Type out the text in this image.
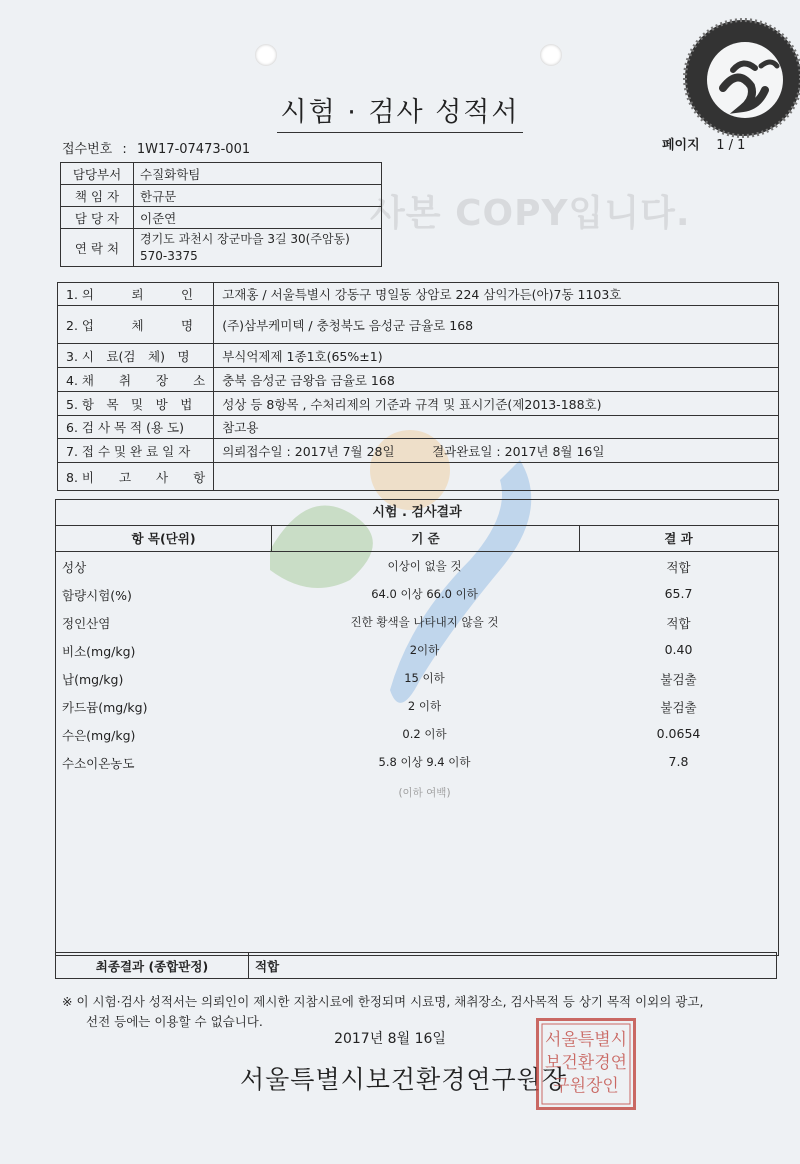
사본 COPY입니다.
시험 · 검사 성적서
접수번호 : 1W17-07473-001	페이지 1 / 1
담당부서	수질화학팀
책 임 자	한규문
담 당 자	이준연
연 락 처	경기도 과천시 장군마을 3길 30(주암동)
570-3375
1. 의　　　뢰　　　인	고재홍 / 서울특별시 강동구 명일동 상암로 224 삼익가든(아)7동 1103호
2. 업　　　체　　　명	(주)삼부케미텍 / 충청북도 음성군 금율로 168
3. 시　료(검　체)　명	부식억제제 1종1호(65%±1)
4. 채　　취　　장　　소	충북 음성군 금왕읍 금율로 168
5. 항　목　및　방　법	성상 등 8항목 , 수처리제의 기준과 규격 및 표시기준(제2013-188호)
6. 검 사 목 적 (용 도)	참고용
7. 접 수 및 완 료 일 자	의뢰접수일 : 2017년 7월 28일　　　결과완료일 : 2017년 8월 16일
8. 비　　고　　사　　항	
시험 . 검사결과
항 목(단위)	기 준	결 과
성상	이상이 없을 것	적합
함량시험(%)	64.0 이상 66.0 이하	65.7
정인산염	진한 황색을 나타내지 않을 것	적합
비소(mg/kg)	2이하	0.40
납(mg/kg)	15 이하	불검출
카드뮴(mg/kg)	2 이하	불검출
수은(mg/kg)	0.2 이하	0.0654
수소이온농도	5.8 이상 9.4 이하	7.8
(이하 여백)
최종결과 (종합판정)	적합
※ 이 시험·검사 성적서는 의뢰인이 제시한 지참시료에 한정되며 시료명, 채취장소, 검사목적 등 상기 목적 이외의 광고,
선전 등에는 이용할 수 없습니다.
2017년 8월 16일
서울특별시보건환경연구원장
서울특별시
보건환경연
구원장인
